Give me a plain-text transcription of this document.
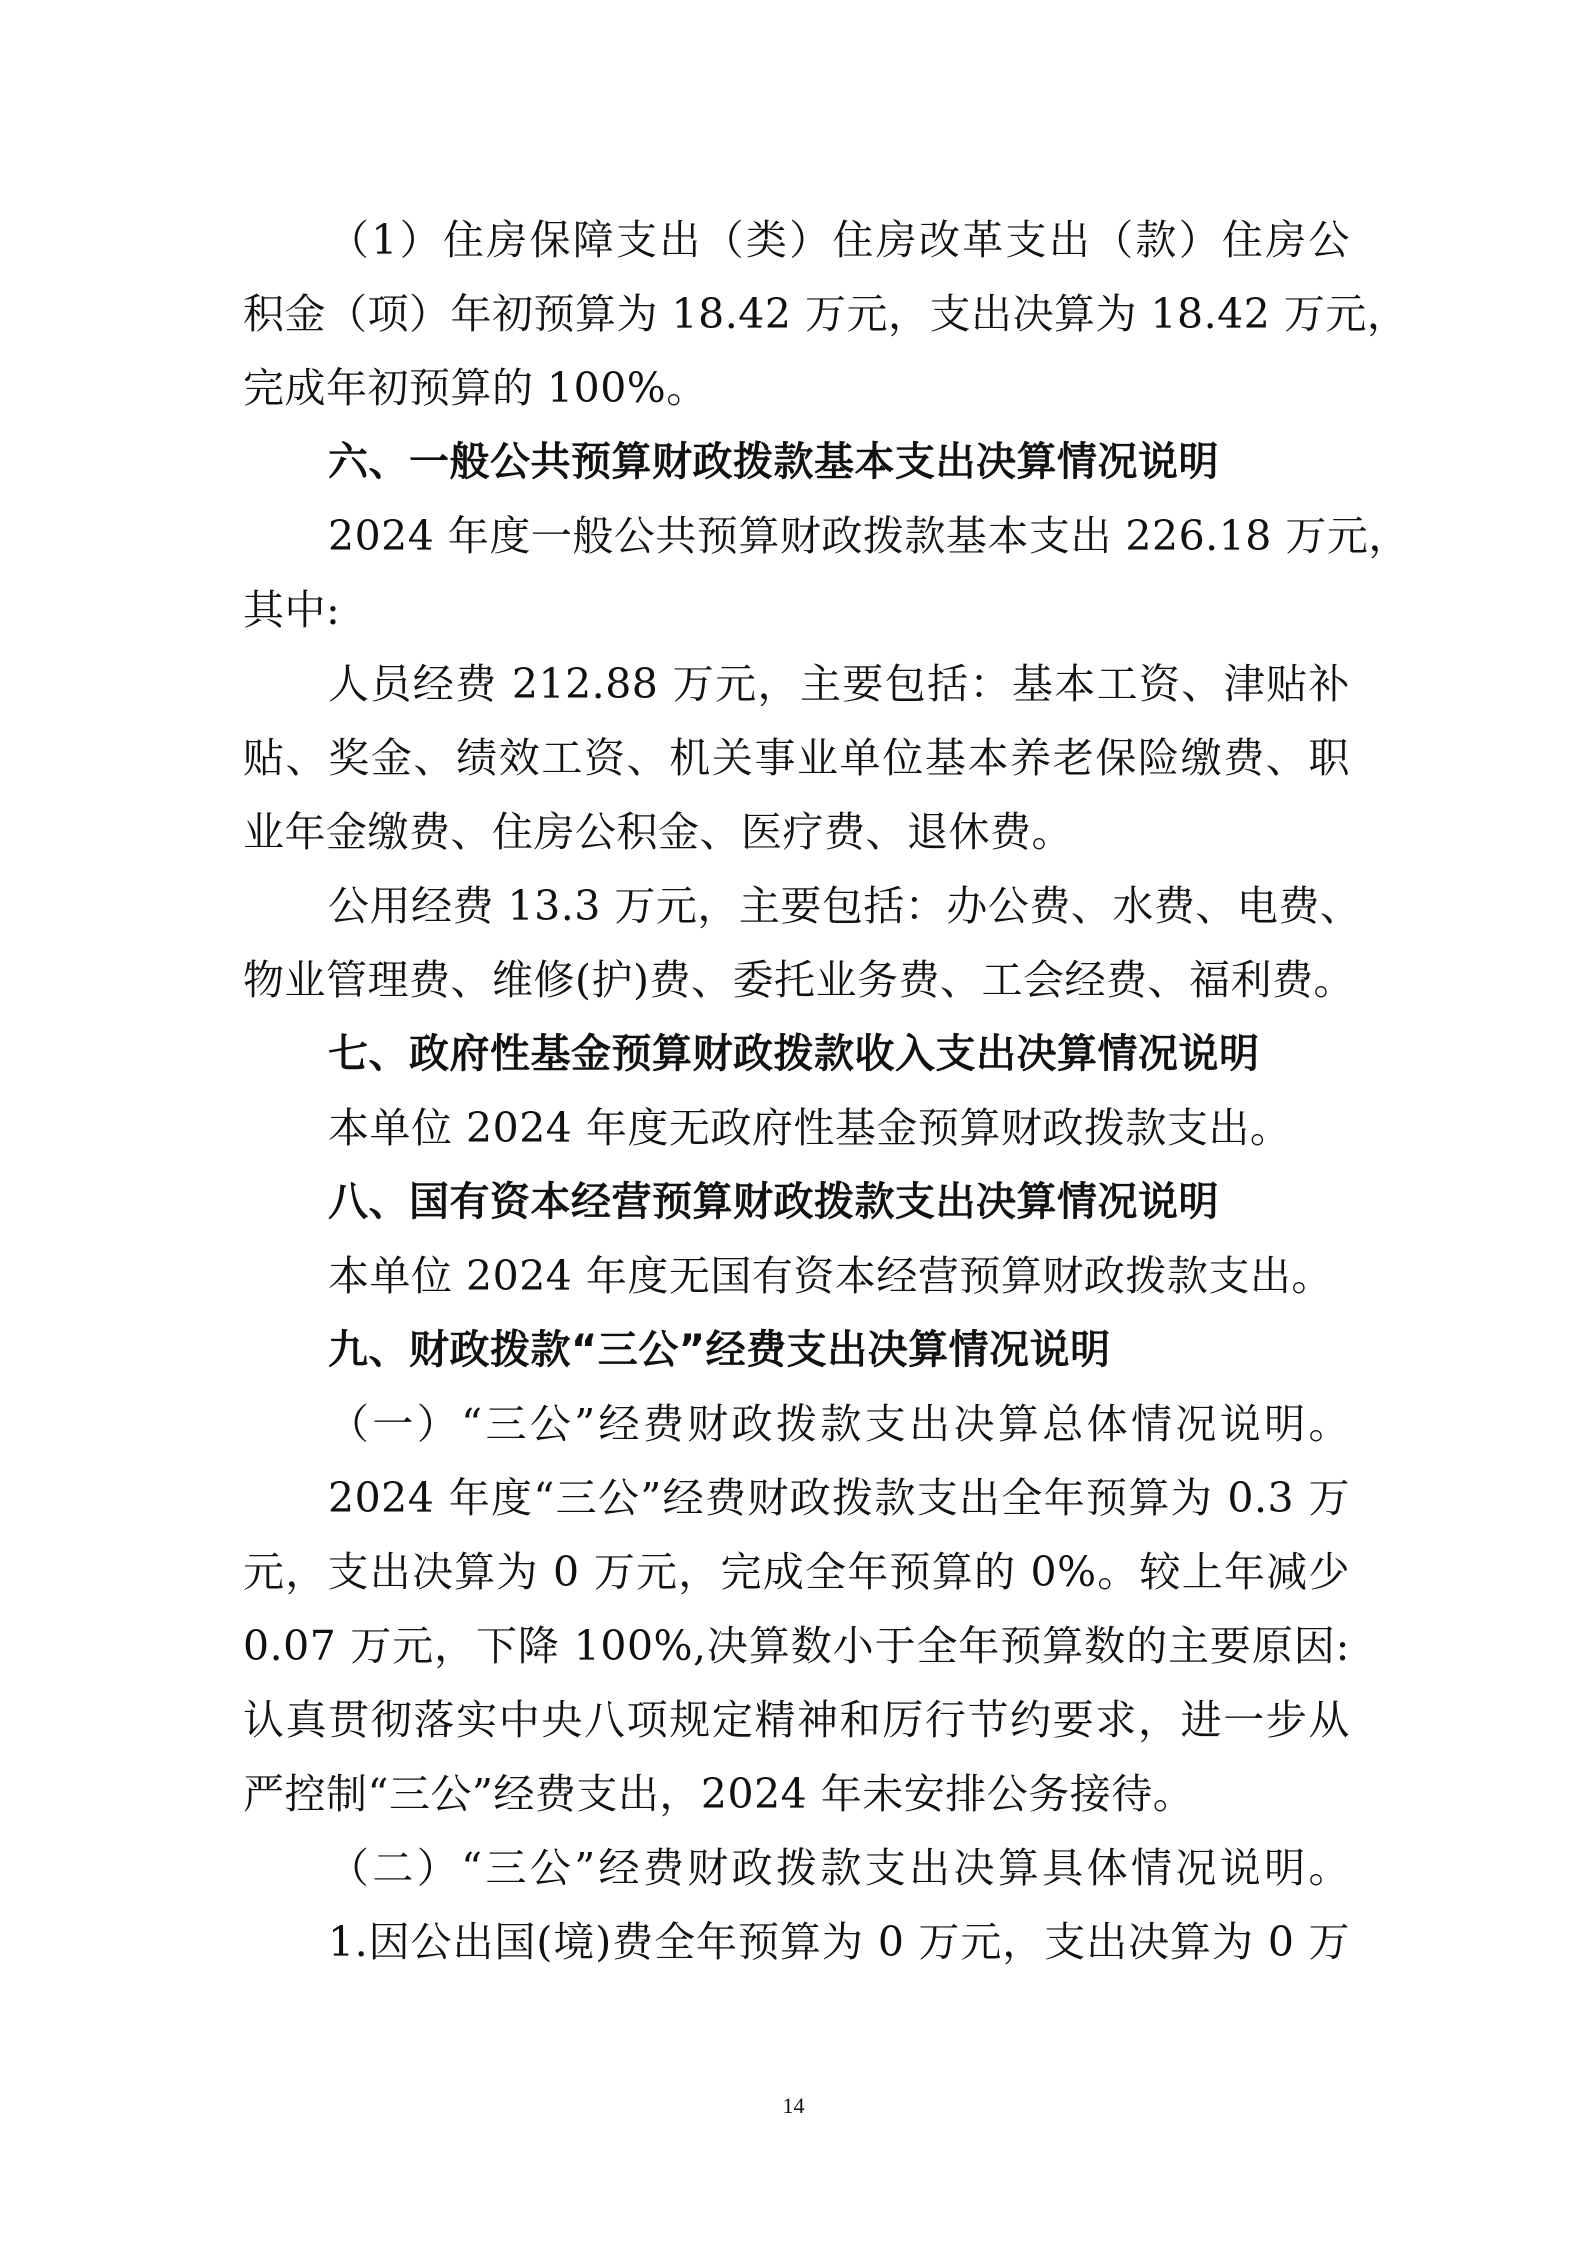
（1）住房保障支出（类）住房改革支出（款）住房公
积金（项）年初预算为 18.42 万元，支出决算为 18.42 万元，
完成年初预算的 100%。
六、一般公共预算财政拨款基本支出决算情况说明
2024 年度一般公共预算财政拨款基本支出 226.18 万元，
其中:
人员经费 212.88 万元，主要包括：基本工资、津贴补
贴、奖金、绩效工资、机关事业单位基本养老保险缴费、职
业年金缴费、住房公积金、医疗费、退休费。
公用经费 13.3 万元，主要包括：办公费、水费、电费、
物业管理费、维修(护)费、委托业务费、工会经费、福利费。
七、政府性基金预算财政拨款收入支出决算情况说明
本单位 2024 年度无政府性基金预算财政拨款支出。
八、国有资本经营预算财政拨款支出决算情况说明
本单位 2024 年度无国有资本经营预算财政拨款支出。
九、财政拨款“三公”经费支出决算情况说明
（一）“三公”经费财政拨款支出决算总体情况说明。
2024 年度“三公”经费财政拨款支出全年预算为 0.3 万
元，支出决算为 0 万元，完成全年预算的 0%。较上年减少
0.07 万元，下降 100%,决算数小于全年预算数的主要原因:
认真贯彻落实中央八项规定精神和厉行节约要求，进一步从
严控制“三公”经费支出，2024 年未安排公务接待。
（二）“三公”经费财政拨款支出决算具体情况说明。
1.因公出国(境)费全年预算为 0 万元，支出决算为 0 万
14
